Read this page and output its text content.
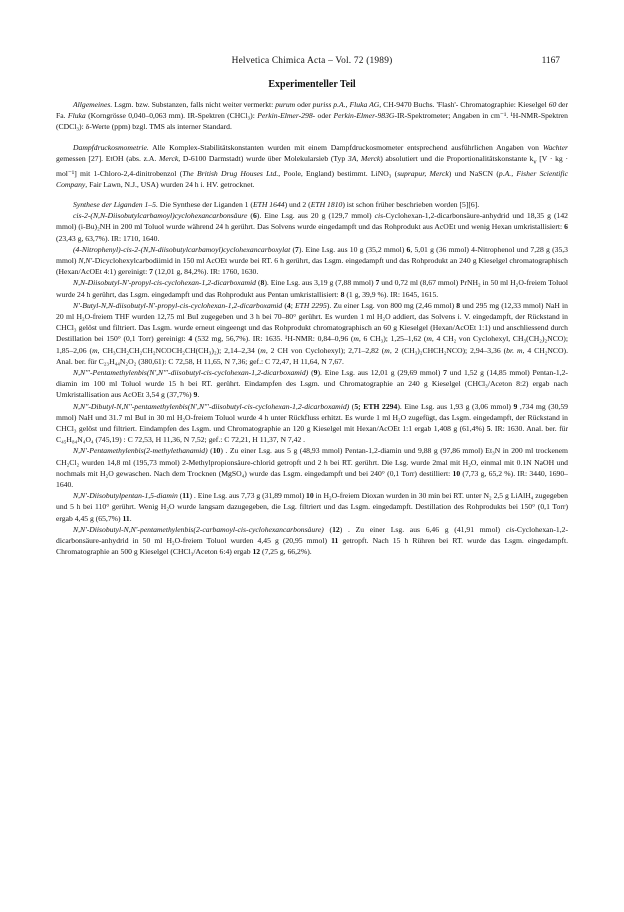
Helvetica Chimica Acta – Vol. 72 (1989)	1167
Experimenteller Teil

Allgemeines. Lsgm. bzw. Substanzen, falls nicht weiter vermerkt: purum oder puriss p.A., Fluka AG, CH-9470 Buchs. 'Flash'- Chromatographie: Kieselgel 60 der Fa. Fluka (Korngrösse 0,040–0,063 mm). IR-Spektren (CHCl₃): Perkin-Elmer-298- oder Perkin-Elmer-983G-IR-Spektrometer; Angaben in cm⁻¹. ¹H-NMR-Spektren (CDCl₃): δ-Werte (ppm) bzgl. TMS als interner Standard.

Dampfdruckosmometrie. Alle Komplex-Stabilitätskonstanten wurden mit einem Dampfdruckosmometer entsprechend ausführlichen Angaben von Wachter gemessen [27]. EtOH (abs. z.A. Merck, D-6100 Darmstadt) wurde über Molekularsieb (Typ 3A, Merck) absolutiert und die Proportionalitätskonstante $k_v$ [V · kg · mol⁻¹] mit 1-Chloro-2,4-dinitrobenzol (The British Drug Houses Ltd., Poole, England) bestimmt. LiNO₃ (suprapur, Merck) und NaSCN (p.A., Fisher Scientific Company, Fair Lawn, N.J., USA) wurden 24 h i. HV. getrocknet.

Synthese der Liganden 1–5. Die Synthese der Liganden 1 (ETH 1644) und 2 (ETH 1810) ist schon früher beschrieben worden [5][6].

cis-2-(N,N-Diisobutylcarbamoyl)cyclohexancarbonsäure (6). Eine Lsg. aus 20 g (129,7 mmol) cis-Cyclohexan-1,2-dicarbonsäure-anhydrid und 18,35 g (142 mmol) (i-Bu)₂NH in 200 ml Toluol wurde während 24 h gerührt. Das Solvens wurde eingedampft und das Rohprodukt aus AcOEt und wenig Hexan umkristallisiert: 6 (23,43 g, 63,7%). IR: 1710, 1640.

(4-Nitrophenyl)-cis-2-(N,N-diisobutylcarbamoyl)cyclohexancarboxylat (7). Eine Lsg. aus 10 g (35,2 mmol) 6, 5,01 g (36 mmol) 4-Nitrophenol und 7,28 g (35,3 mmol) N,N'-Dicyclohexylcarbodiimid in 150 ml AcOEt wurde bei RT. 6 h gerührt, das Lsgm. eingedampft und das Rohprodukt an 240 g Kieselgel chromatographisch (Hexan/AcOEt 4:1) gereinigt: 7 (12,01 g, 84,2%). IR: 1760, 1630.

N,N-Diisobutyl-N'-propyl-cis-cyclohexan-1,2-dicarboxamid (8). Eine Lsg. aus 3,19 g (7,88 mmol) 7 und 0,72 ml (8,67 mmol) PrNH₂ in 50 ml H₂O-freiem Toluol wurde 24 h gerührt, das Lsgm. eingedampft und das Rohprodukt aus Pentan umkristallisiert: 8 (1 g, 39,9 %). IR: 1645, 1615.

N'-Butyl-N,N-diisobutyl-N'-propyl-cis-cyclohexan-1,2-dicarboxamid (4; ETH 2295). Zu einer Lsg. von 800 mg (2,46 mmol) 8 und 295 mg (12,33 mmol) NaH in 20 ml H₂O-freiem THF wurden 12,75 ml BuI zugegeben und 3 h bei 70–80° gerührt. Es wurden 1 ml H₂O addiert, das Solvens i. V. eingedampft, der Rückstand in CHCl₃ gelöst und filtriert. Das Lsgm. wurde erneut eingeengt und das Rohprodukt chromatographisch an 60 g Kieselgel (Hexan/AcOEt 1:1) und anschliessend durch Destillation bei 150° (0,1 Torr) gereinigt: 4 (532 mg, 56,7%). IR: 1635. ¹H-NMR: 0,84–0,96 (m, 6 CH₃); 1,25–1,62 (m, 4 CH₂ von Cyclohexyl, CH₃(CH₂)₂NCO); 1,85–2,06 (m, CH₃CH₂CH₂CH₂NCOCH₂CH(CH₃)₂); 2,14–2,34 (m, 2 CH von Cyclohexyl); 2,71–2,82 (m, 2 (CH₃)₂CHCH₂NCO); 2,94–3,36 (br. m, 4 CH₂NCO). Anal. ber. für C₂₃H₄₄N₂O₂ (380,61): C 72,58, H 11,65, N 7,36; gef.: C 72,47, H 11,64, N 7,67.

N,N'''-Pentamethylenbis(N',N'''-diisobutyl-cis-cyclohexan-1,2-dicarboxamid) (9). Eine Lsg. aus 12,01 g (29,69 mmol) 7 und 1,52 g (14,85 mmol) Pentan-1,2-diamin im 100 ml Toluol wurde 15 h bei RT. gerührt. Eindampfen des Lsgm. und Chromatographie an 240 g Kieselgel (CHCl₃/Aceton 8:2) ergab nach Umkristallisation aus AcOEt 3,54 g (37,7%) 9.

N,N''-Dibutyl-N,N''-pentamethylenbis(N',N'''-diisobutyl-cis-cyclohexan-1,2-dicarboxamid) (5; ETH 2294). Eine Lsg. aus 1,93 g (3,06 mmol) 9 ,734 mg (30,59 mmol) NaH und 31.7 ml BuI in 30 ml H₂O-freiem Toluol wurde 4 h unter Rückfluss erhitzt. Es wurde 1 ml H₂O zugefügt, das Lsgm. eingedampft, der Rückstand in CHCl₃ gelöst und filtriert. Eindampfen des Lsgm. und Chromatographie an 120 g Kieselgel mit Hexan/AcOEt 1:1 ergab 1,408 g (61,4%) 5. IR: 1630. Anal. ber. für C₄₅H₈₄N₄O₄ (745,19) : C 72,53, H 11,36, N 7,52; gef.: C 72,21, H 11,37, N 7,42 .

N,N'-Pentamethylenbis(2-methylethanamid) (10) . Zu einer Lsg. aus 5 g (48,93 mmol) Pentan-1,2-diamin und 9,88 g (97,86 mmol) Et₃N in 200 ml trockenem CH₂Cl₂ wurden 14,8 ml (195,73 mmol) 2-Methylpropionsäure-chlorid getropft und 2 h bei RT. gerührt. Die Lsg. wurde 2mal mit H₂O, einmal mit 0.1N NaOH und nochmals mit H₂O gewaschen. Nach dem Trocknen (MgSO₄) wurde das Lsgm. eingedampft und bei 240° (0,1 Torr) destilliert: 10 (7,73 g, 65,2 %). IR: 3440, 1690–1640.

N,N'-Diisobutylpentan-1,5-diamin (11) . Eine Lsg. aus 7,73 g (31,89 mmol) 10 in H₂O-freiem Dioxan wurden in 30 min bei RT. unter N₂ 2,5 g LiAlH₄ zugegeben und 5 h bei 110° gerührt. Wenig H₂O wurde langsam dazugegeben, die Lsg. filtriert und das Lsgm. eingedampft. Destillation des Rohprodukts bei 150° (0,1 Torr) ergab 4,45 g (65,7%) 11.

N,N'-Diisobutyl-N,N'-pentamethylenbis(2-carbamoyl-cis-cyclohexancarbonsäure) (12) . Zu einer Lsg. aus 6,46 g (41,91 mmol) cis-Cyclohexan-1,2-dicarbonsäure-anhydrid in 50 ml H₂O-freiem Toluol wurden 4,45 g (20,95 mmol) 11 getropft. Nach 15 h Rühren bei RT. wurde das Lsgm. eingedampft. Chromatographie an 500 g Kieselgel (CHCl₃/Aceton 6:4) ergab 12 (7,25 g, 66,2%).
